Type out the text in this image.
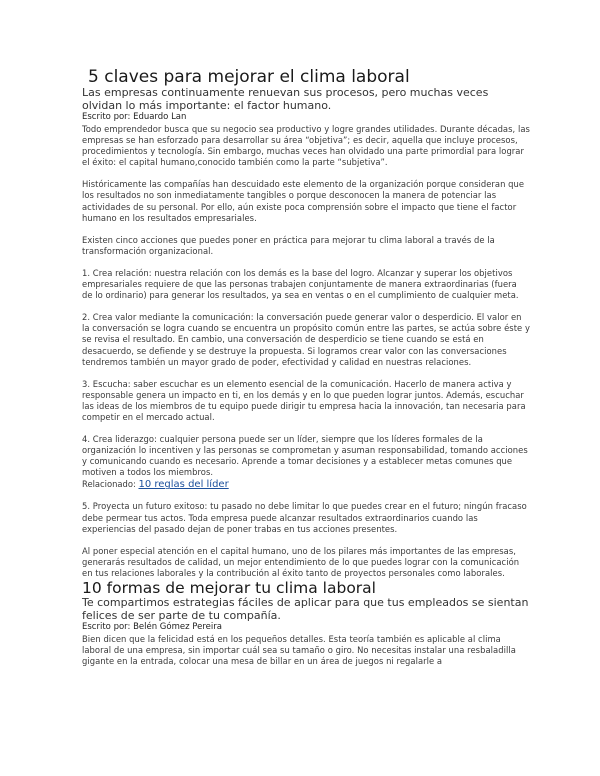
5 claves para mejorar el clima laboral

Las empresas continuamente renuevan sus procesos, pero muchas veces olvidan lo más importante: el factor humano.

Escrito por: Eduardo Lan

Todo emprendedor busca que su negocio sea productivo y logre grandes utilidades. Durante décadas, las empresas se han esforzado para desarrollar su área “objetiva”; es decir, aquella que incluye procesos, procedimientos y tecnología. Sin embargo, muchas veces han olvidado una parte primordial para lograr el éxito: el capital humano,conocido también como la parte “subjetiva”.

Históricamente las compañías han descuidado este elemento de la organización porque consideran que los resultados no son inmediatamente tangibles o porque desconocen la manera de potenciar las actividades de su personal. Por ello, aún existe poca comprensión sobre el impacto que tiene el factor humano en los resultados empresariales.

Existen cinco acciones que puedes poner en práctica para mejorar tu clima laboral a través de la transformación organizacional.

1. Crea relación: nuestra relación con los demás es la base del logro. Alcanzar y superar los objetivos empresariales requiere de que las personas trabajen conjuntamente de manera extraordinarias (fuera de lo ordinario) para generar los resultados, ya sea en ventas o en el cumplimiento de cualquier meta.

2. Crea valor mediante la comunicación: la conversación puede generar valor o desperdicio. El valor en la conversación se logra cuando se encuentra un propósito común entre las partes, se actúa sobre éste y se revisa el resultado. En cambio, una conversación de desperdicio se tiene cuando se está en desacuerdo, se defiende y se destruye la propuesta. Si logramos crear valor con las conversaciones tendremos también un mayor grado de poder, efectividad y calidad en nuestras relaciones.

3. Escucha: saber escuchar es un elemento esencial de la comunicación. Hacerlo de manera activa y responsable genera un impacto en ti, en los demás y en lo que pueden lograr juntos. Además, escuchar las ideas de los miembros de tu equipo puede dirigir tu empresa hacia la innovación, tan necesaria para competir en el mercado actual.

4. Crea liderazgo: cualquier persona puede ser un líder, siempre que los líderes formales de la organización lo incentiven y las personas se comprometan y asuman responsabilidad, tomando acciones y comunicando cuando es necesario. Aprende a tomar decisiones y a establecer metas comunes que motiven a todos los miembros.

Relacionado: 10 reglas del líder

5. Proyecta un futuro exitoso: tu pasado no debe limitar lo que puedes crear en el futuro; ningún fracaso debe permear tus actos. Toda empresa puede alcanzar resultados extraordinarios cuando las experiencias del pasado dejan de poner trabas en tus acciones presentes.

Al poner especial atención en el capital humano, uno de los pilares más importantes de las empresas, generarás resultados de calidad, un mejor entendimiento de lo que puedes lograr con la comunicación en tus relaciones laborales y la contribución al éxito tanto de proyectos personales como laborales.

10 formas de mejorar tu clima laboral

Te compartimos estrategias fáciles de aplicar para que tus empleados se sientan felices de ser parte de tu compañía.

Escrito por: Belén Gómez Pereira

Bien dicen que la felicidad está en los pequeños detalles. Esta teoría también es aplicable al clima laboral de una empresa, sin importar cuál sea su tamaño o giro. No necesitas instalar una resbaladilla gigante en la entrada, colocar una mesa de billar en un área de juegos ni regalarle a
